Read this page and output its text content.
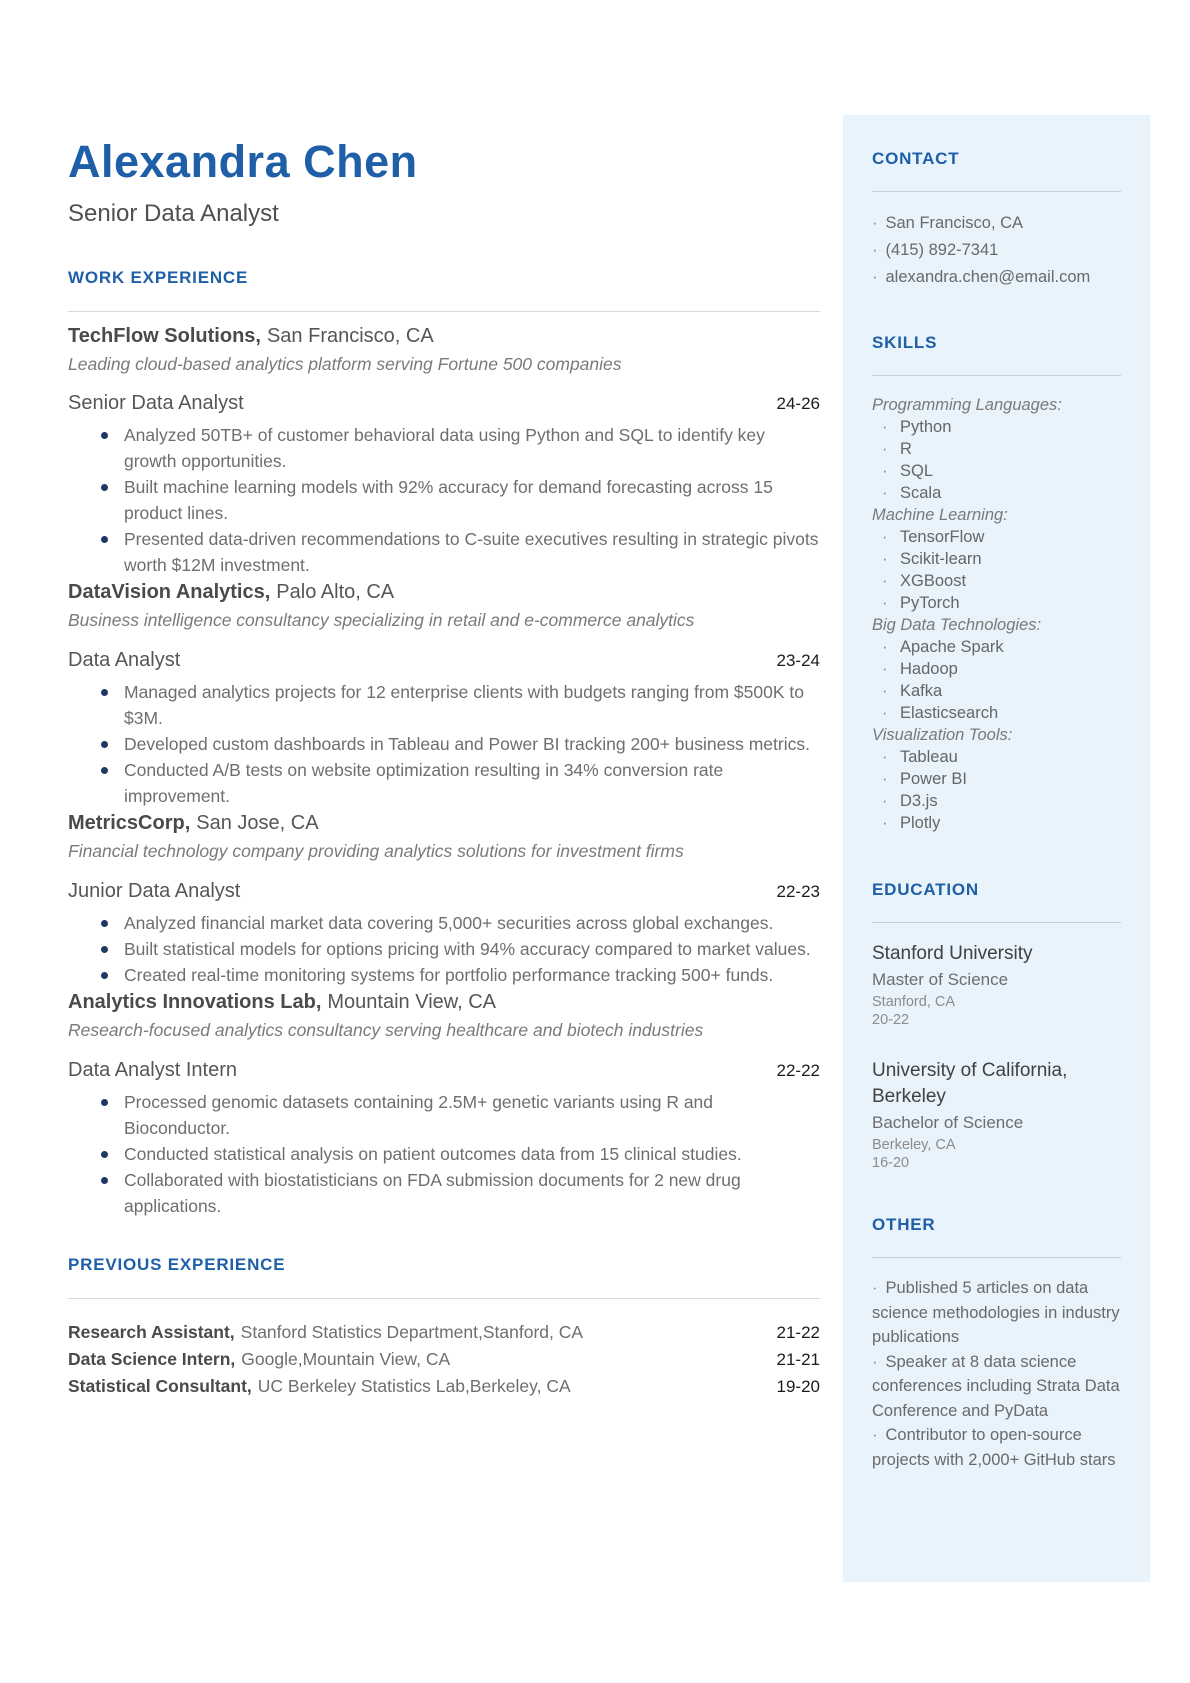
Alexandra Chen
Senior Data Analyst
WORK EXPERIENCE
TechFlow Solutions, San Francisco, CA
Leading cloud-based analytics platform serving Fortune 500 companies
Senior Data Analyst	24-26
Analyzed 50TB+ of customer behavioral data using Python and SQL to identify key growth opportunities.
Built machine learning models with 92% accuracy for demand forecasting across 15 product lines.
Presented data-driven recommendations to C-suite executives resulting in strategic pivots worth $12M investment.
DataVision Analytics, Palo Alto, CA
Business intelligence consultancy specializing in retail and e-commerce analytics
Data Analyst	23-24
Managed analytics projects for 12 enterprise clients with budgets ranging from $500K to $3M.
Developed custom dashboards in Tableau and Power BI tracking 200+ business metrics.
Conducted A/B tests on website optimization resulting in 34% conversion rate improvement.
MetricsCorp, San Jose, CA
Financial technology company providing analytics solutions for investment firms
Junior Data Analyst	22-23
Analyzed financial market data covering 5,000+ securities across global exchanges.
Built statistical models for options pricing with 94% accuracy compared to market values.
Created real-time monitoring systems for portfolio performance tracking 500+ funds.
Analytics Innovations Lab, Mountain View, CA
Research-focused analytics consultancy serving healthcare and biotech industries
Data Analyst Intern	22-22
Processed genomic datasets containing 2.5M+ genetic variants using R and Bioconductor.
Conducted statistical analysis on patient outcomes data from 15 clinical studies.
Collaborated with biostatisticians on FDA submission documents for 2 new drug applications.
PREVIOUS EXPERIENCE
Research Assistant, Stanford Statistics Department,Stanford, CA	21-22
Data Science Intern, Google,Mountain View, CA	21-21
Statistical Consultant, UC Berkeley Statistics Lab,Berkeley, CA	19-20
CONTACT
· San Francisco, CA
· (415) 892-7341
· alexandra.chen@email.com
SKILLS
Programming Languages:
· Python
· R
· SQL
· Scala
Machine Learning:
· TensorFlow
· Scikit-learn
· XGBoost
· PyTorch
Big Data Technologies:
· Apache Spark
· Hadoop
· Kafka
· Elasticsearch
Visualization Tools:
· Tableau
· Power BI
· D3.js
· Plotly
EDUCATION
Stanford University
Master of Science
Stanford, CA
20-22
University of California, Berkeley
Bachelor of Science
Berkeley, CA
16-20
OTHER
· Published 5 articles on data science methodologies in industry publications
· Speaker at 8 data science conferences including Strata Data Conference and PyData
· Contributor to open-source projects with 2,000+ GitHub stars
